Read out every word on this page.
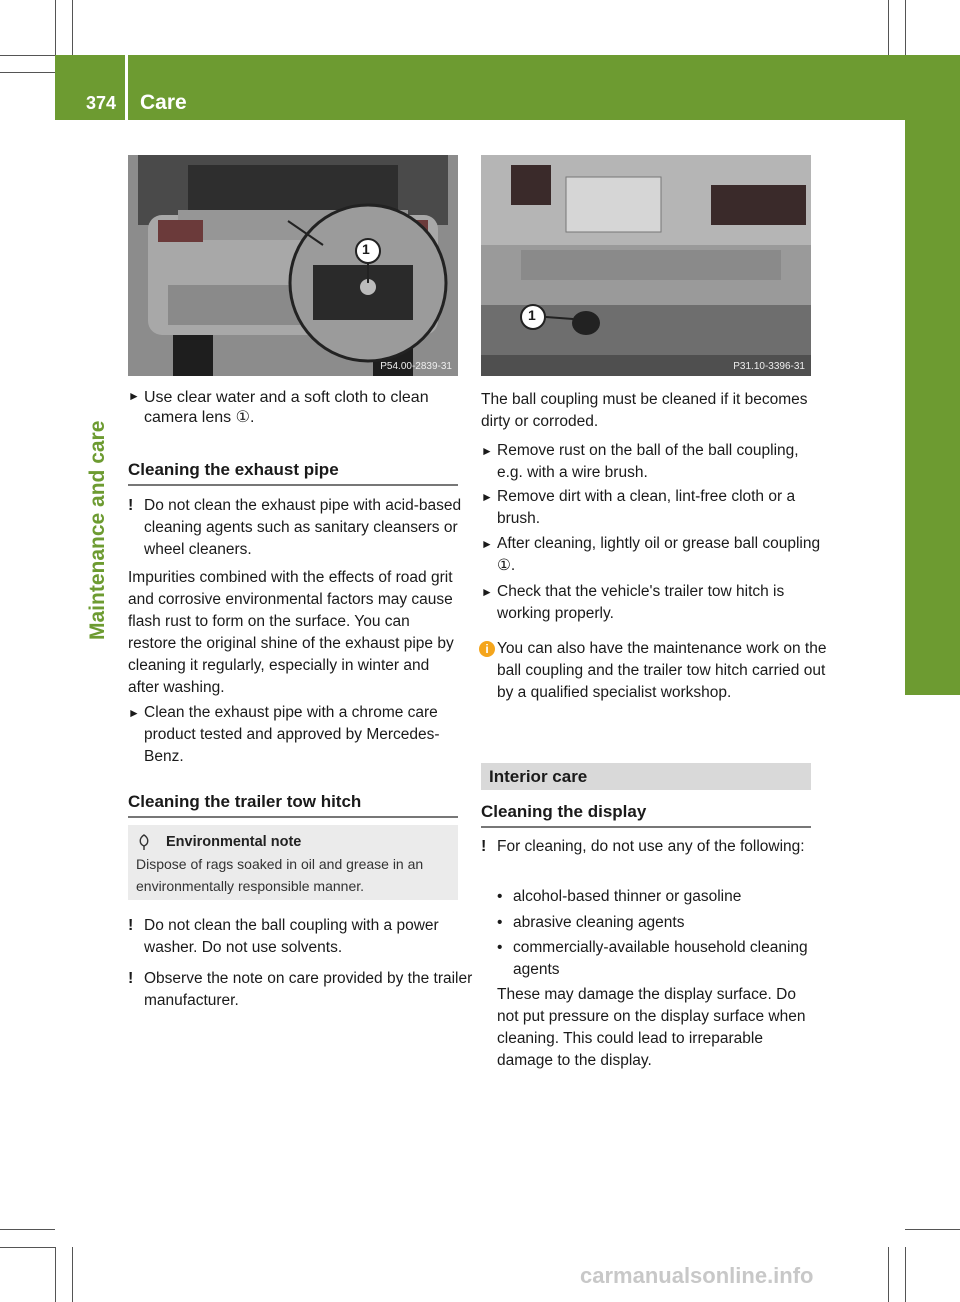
374 Care
Maintenance and care
1
P54.00-2839-31
1
P31.10-3396-31
► Use clear water and a soft cloth to clean camera lens ①.
Cleaning the exhaust pipe
! Do not clean the exhaust pipe with acid-based cleaning agents such as sanitary cleansers or wheel cleaners.
Impurities combined with the effects of road grit and corrosive environmental factors may cause flash rust to form on the surface. You can restore the original shine of the exhaust pipe by cleaning it regularly, especially in winter and after washing.
► Clean the exhaust pipe with a chrome care product tested and approved by Mercedes-Benz.
Cleaning the trailer tow hitch
Environmental note
Dispose of rags soaked in oil and grease in an environmentally responsible manner.
! Do not clean the ball coupling with a power washer. Do not use solvents.
! Observe the note on care provided by the trailer manufacturer.
The ball coupling must be cleaned if it becomes dirty or corroded.
► Remove rust on the ball of the ball coupling, e.g. with a wire brush.
► Remove dirt with a clean, lint-free cloth or a brush.
► After cleaning, lightly oil or grease ball coupling ①.
► Check that the vehicle's trailer tow hitch is working properly.
i You can also have the maintenance work on the ball coupling and the trailer tow hitch carried out by a qualified specialist workshop.
Interior care
Cleaning the display
! For cleaning, do not use any of the following:
• alcohol-based thinner or gasoline
• abrasive cleaning agents
• commercially-available household cleaning agents
These may damage the display surface. Do not put pressure on the display surface when cleaning. This could lead to irreparable damage to the display.
carmanualsonline.info
